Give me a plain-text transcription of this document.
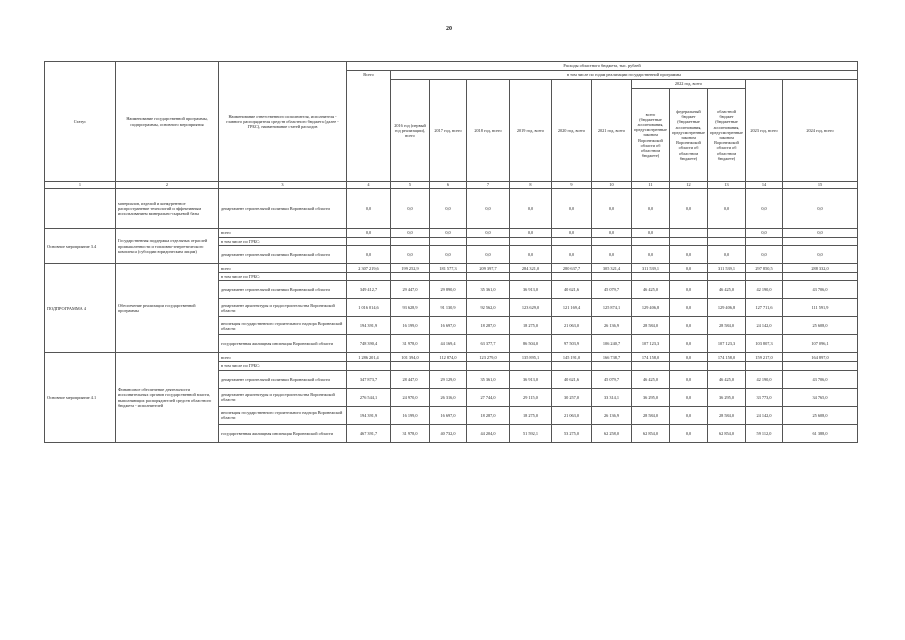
20
Статус	Наименование государственной программы, подпрограммы, основного мероприятия	Наименование ответственного исполнителя, исполнителя - главного распорядителя средств областного бюджета (далее - ГРБС), наименование статей расходов	Расходы областного бюджета, тыс. рублей											
			Всего	в том числе по годам реализации государственной программы										
				2016 год (первый год реализации), всего	2017 год, всего	2018 год, всего	2019 год, всего	2020 год, всего	2021 год, всего	2022 год, всего			2023 год, всего	2024 год, всего
										всего (бюджетные ассигнования, предусмотренные законом Воронежской области об областном бюджете)	федеральный бюджет (бюджетные ассигнования, предусмотренные законом Воронежской области об областном бюджете)	областной бюджет (бюджетные ассигнования, предусмотренные законом Воронежской области об областном бюджете)		
1	2	3	4	5	6	7	8	9	10	11	12	13	14	15
	материалов, изделий и конкурентное распространение технологий и эффективным использованием минерально-сырьевой базы	департамент строительной политики Воронежской области	0,0	0,0	0,0	0,0	0,0	0,0	0,0	0,0	0,0	0,0	0,0	0,0
Основное мероприятие 3.4	Государственная поддержка отдельных отраслей промышленности и топливно-энергетического комплекса (субсидии юридическим лицам)	всего	0,0	0,0	0,0	0,0	0,0	0,0	0,0	0,0			0,0	0,0
		в том числе по ГРБС:												
		департамент строительной политики Воронежской области	0,0	0,0	0,0	0,0	0,0	0,0	0,0	0,0	0,0	0,0	0,0	0,0
ПОДПРОГРАММА 4	Обеспечение реализации государственной программы	всего	2 307 219,6	199 252,9	181 577,3	209 397,7	284 321,0	280 637,7	305 321,4	311 539,1	0,0	311 539,1	297 850,5	288 332,0
		в том числе по ГРБС:												
		департамент строительной политики Воронежской области	349 412,7	29 447,0	29 890,0	35 361,0	36 913,0	40 621,6	45 079,7	46 425,0	0,0	46 425,0	42 190,0	43 706,0
		департамент архитектуры и градостроительства Воронежской области	1 016 014,6	93 628,9	91 130,9	92 562,0	123 629,0	121 169,4	125 874,1	129 406,8	0,0	129 406,8	127 711,6	111 591,9
		инспекция государственного строительного надзора Воронежской области	194 391,9	16 199,0	16 697,0	18 287,0	18 275,0	21 063,0	26 136,9	28 584,0	0,0	28 584,0	24 142,0	25 608,0
		государственная жилищная инспекция Воронежской области	748 390,4	31 978,0	44 169,4	63 377,7	86 504,0	97 503,9	106 240,7	107 123,3	0,0	107 123,3	103 807,3	107 096,1
Основное мероприятие 4.1	Финансовое обеспечение деятельности исполнительных органов государственной власти, выполняющих распорядителей средств областного бюджета - исполнителей	всего	1 286 201,4	101 394,0	112 874,0	123 279,0	135 895,1	145 191,0	166 738,7	174 158,0	0,0	174 158,0	159 217,0	164 897,0
		в том числе по ГРБС:												
		департамент строительной политики Воронежской области	347 873,7	28 447,0	29 129,0	35 361,0	36 913,0	40 621,6	45 079,7	46 425,0	0,0	46 425,0	42 190,0	43 706,0
		департамент архитектуры и градостроительства Воронежской области	276 544,1	24 970,0	26 316,0	27 744,0	29 115,0	30 257,0	33 314,1	36 295,0	0,0	36 295,0	33 773,0	34 765,0
		инспекция государственного строительного надзора Воронежской области	194 391,9	16 199,0	16 697,0	18 287,0	18 275,0	21 063,0	26 136,9	28 584,0	0,0	28 584,0	24 142,0	25 608,0
		государственная жилищная инспекция Воронежской области	467 391,7	31 978,0	40 732,0	44 204,0	51 592,1	53 275,0	62 258,0	62 854,0	0,0	62 854,0	59 112,0	61 388,0
